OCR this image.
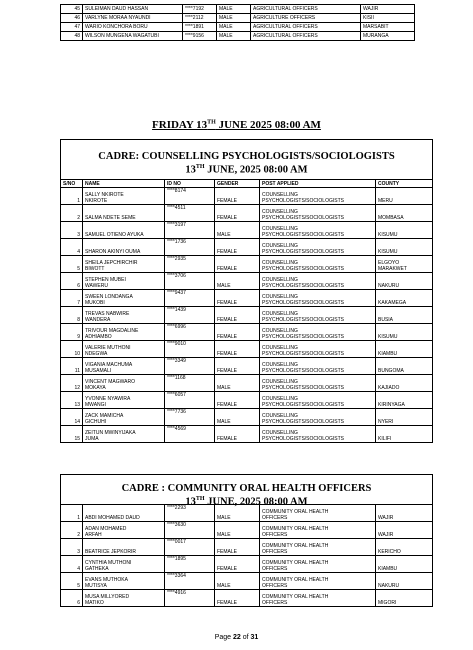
45	SULEIMAN DAUD HASSAN	****7192	MALE	AGRICULTURAL OFFICERS	WAJIR
46	VARLYNE MORAA NYAUNDI	****2112	MALE	AGRICULTURE OFFICERS	KISII
47	WARIO KONCHORA BORU	****1891	MALE	AGRICULTURAL OFFICERS	MARSABIT
48	WILSON MUNGENA WAGATUBI	****9156	MALE	AGRICULTURAL OFFICERS	MURANGA
FRIDAY 13TH JUNE 2025 08:00 AM
CADRE: COUNSELLING PSYCHOLOGISTS/SOCIOLOGISTS
13TH JUNE, 2025 08:00 AM
S/NO	NAME	ID NO	GENDER	POST APPLIED	COUNTY
1	SALLY NKIROTE
NKIROTE	****8174	FEMALE	COUNSELLING
PSYCHOLOGISTS/SOCIOLOGISTS	MERU
2	SALMA NDETE SEME	****4511	FEMALE	COUNSELLING
PSYCHOLOGISTS/SOCIOLOGISTS	MOMBASA
3	SAMUEL OTIENO AYUKA	****3197	MALE	COUNSELLING
PSYCHOLOGISTS/SOCIOLOGISTS	KISUMU
4	SHARON AKINYI OUMA	****1736	FEMALE	COUNSELLING
PSYCHOLOGISTS/SOCIOLOGISTS	KISUMU
5	SHEILA JEPCHIRCHIR
BIWOTT	****2935	FEMALE	COUNSELLING
PSYCHOLOGISTS/SOCIOLOGISTS	ELGOYO
MARAKWET
6	STEPHEN MUBEI
WAWERU	****3706	MALE	COUNSELLING
PSYCHOLOGISTS/SOCIOLOGISTS	NAKURU
7	SWEEN LONDANGA
MUKOBI	****9437	FEMALE	COUNSELLING
PSYCHOLOGISTS/SOCIOLOGISTS	KAKAMEGA
8	TREVAS NABWIRE
WANDERA	****1439	FEMALE	COUNSELLING
PSYCHOLOGISTS/SOCIOLOGISTS	BUSIA
9	TRIVOUR MAGDALINE
ADHIAMBO	****6996	FEMALE	COUNSELLING
PSYCHOLOGISTS/SOCIOLOGISTS	KISUMU
10	VALERIE MUTHONI
NDEGWA	****9010	FEMALE	COUNSELLING
PSYCHOLOGISTS/SOCIOLOGISTS	KIAMBU
11	VIGANIA MACHUMA
MUSAMALI	****3349	FEMALE	COUNSELLING
PSYCHOLOGISTS/SOCIOLOGISTS	BUNGOMA
12	VINCENT MAGWARO
MOKAYA	****1168	MALE	COUNSELLING
PSYCHOLOGISTS/SOCIOLOGISTS	KAJIADO
13	YVONNE NYAWIRA
MWANGI	****6057	FEMALE	COUNSELLING
PSYCHOLOGISTS/SOCIOLOGISTS	KIRINYAGA
14	ZACK MAMICHA
GICHUHI	****7736	MALE	COUNSELLING
PSYCHOLOGISTS/SOCIOLOGISTS	NYERI
15	ZEITUN MWINYIJAKA
JUMA	****4569	FEMALE	COUNSELLING
PSYCHOLOGISTS/SOCIOLOGISTS	KILIFI
CADRE : COMMUNITY ORAL HEALTH OFFICERS
13TH JUNE, 2025 08:00 AM
1	ABDI MOHAMED DAUD	****2293	MALE	COMMUNITY ORAL HEALTH
OFFICERS	WAJIR
2	ADAN MOHAMED
ARFAH	****3630	MALE	COMMUNITY ORAL HEALTH
OFFICERS	WAJIR
3	BEATRICE JEPKORIR	****0017	FEMALE	COMMUNITY ORAL HEALTH
OFFICERS	KERICHO
4	CYNTHIA MUTHONI
GATHEKA	****1895	FEMALE	COMMUNITY ORAL HEALTH
OFFICERS	KIAMBU
5	EVANS MUTHOKA
MUTISYA	****3364	MALE	COMMUNITY ORAL HEALTH
OFFICERS	NAKURU
6	MUSA MILLYORED
MATIKO	****4916	FEMALE	COMMUNITY ORAL HEALTH
OFFICERS	MIGORI
Page 22 of 31
